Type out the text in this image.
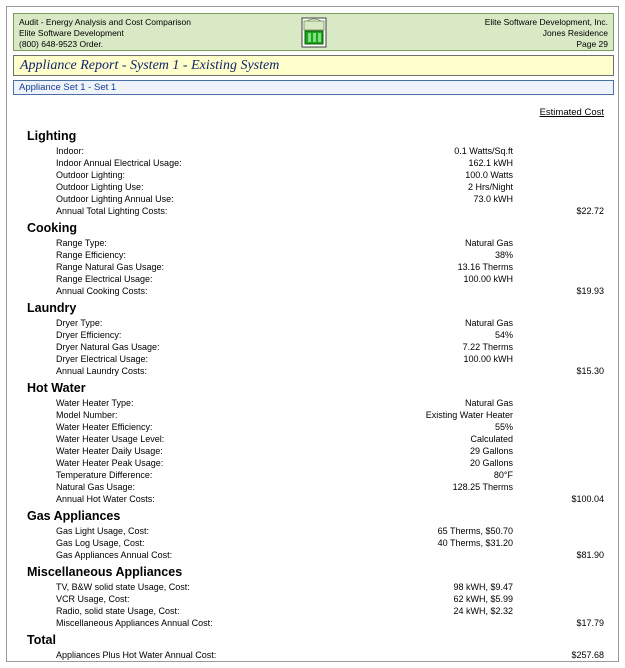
Audit - Energy Analysis and Cost Comparison
Elite Software Development
(800) 648-9523 Order.
Elite Software Development, Inc.
Jones Residence
Page 29
Appliance Report - System 1 - Existing System
Appliance Set 1 - Set 1
Estimated Cost
Lighting
Indoor:	0.1 Watts/Sq.ft
Indoor Annual Electrical Usage:	162.1 kWH
Outdoor Lighting:	100.0 Watts
Outdoor Lighting Use:	2 Hrs/Night
Outdoor Lighting Annual Use:	73.0 kWH
Annual Total Lighting Costs:	$22.72
Cooking
Range Type:	Natural Gas
Range Efficiency:	38%
Range Natural Gas Usage:	13.16 Therms
Range Electrical Usage:	100.00 kWH
Annual Cooking Costs:	$19.93
Laundry
Dryer Type:	Natural Gas
Dryer Efficiency:	54%
Dryer Natural Gas Usage:	7.22 Therms
Dryer Electrical Usage:	100.00 kWH
Annual Laundry Costs:	$15.30
Hot Water
Water Heater Type:	Natural Gas
Model Number:	Existing Water Heater
Water Heater Efficiency:	55%
Water Heater Usage Level:	Calculated
Water Heater Daily Usage:	29 Gallons
Water Heater Peak Usage:	20 Gallons
Temperature Difference:	80°F
Natural Gas Usage:	128.25 Therms
Annual Hot Water Costs:	$100.04
Gas Appliances
Gas Light Usage, Cost:	65 Therms, $50.70
Gas Log Usage, Cost:	40 Therms, $31.20
Gas Appliances Annual Cost:	$81.90
Miscellaneous Appliances
TV, B&W solid state Usage, Cost:	98 kWH, $9.47
VCR Usage, Cost:	62 kWH, $5.99
Radio, solid state Usage, Cost:	24 kWH, $2.32
Miscellaneous Appliances Annual Cost:	$17.79
Total
Appliances Plus Hot Water Annual Cost:	$257.68
